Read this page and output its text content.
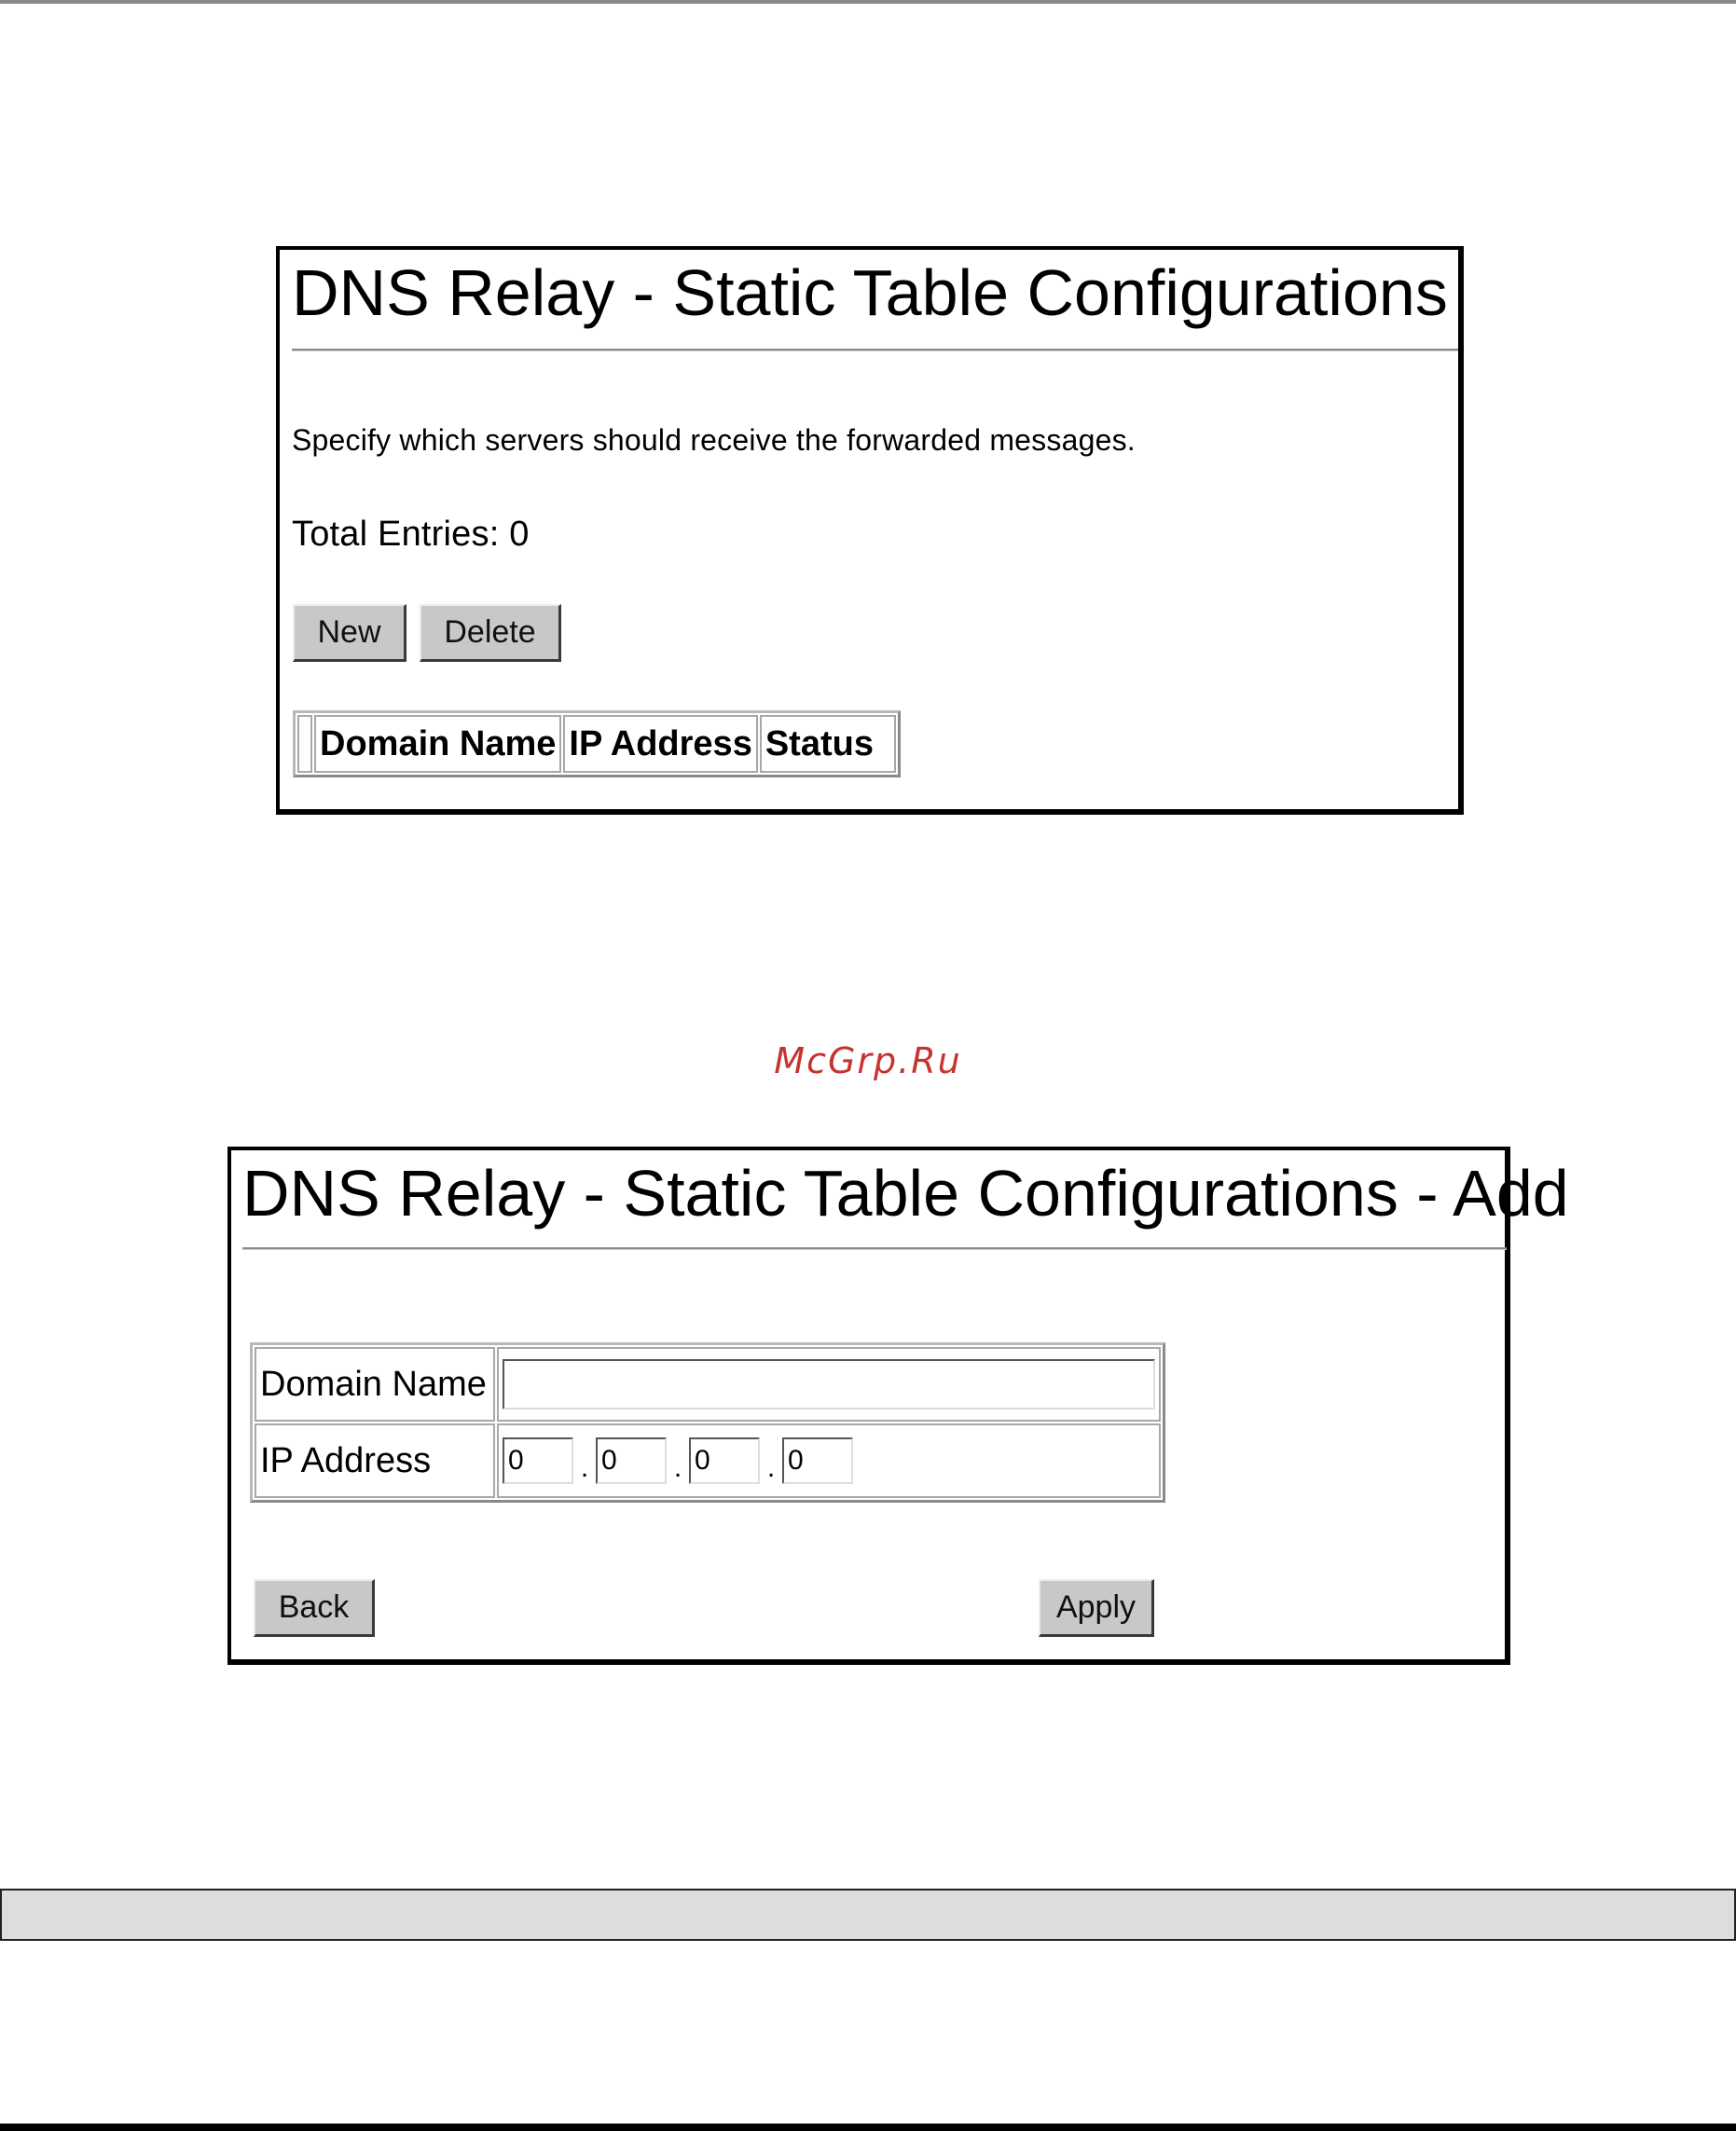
DNS Relay - Static Table Configurations
Specify which servers should receive the forwarded messages.
Total Entries: 0
New	Delete
	Domain Name	IP Address	Status
McGrp.Ru
DNS Relay - Static Table Configurations - Add
Domain Name	
IP Address	0.0 .0 .0
Back	Apply
